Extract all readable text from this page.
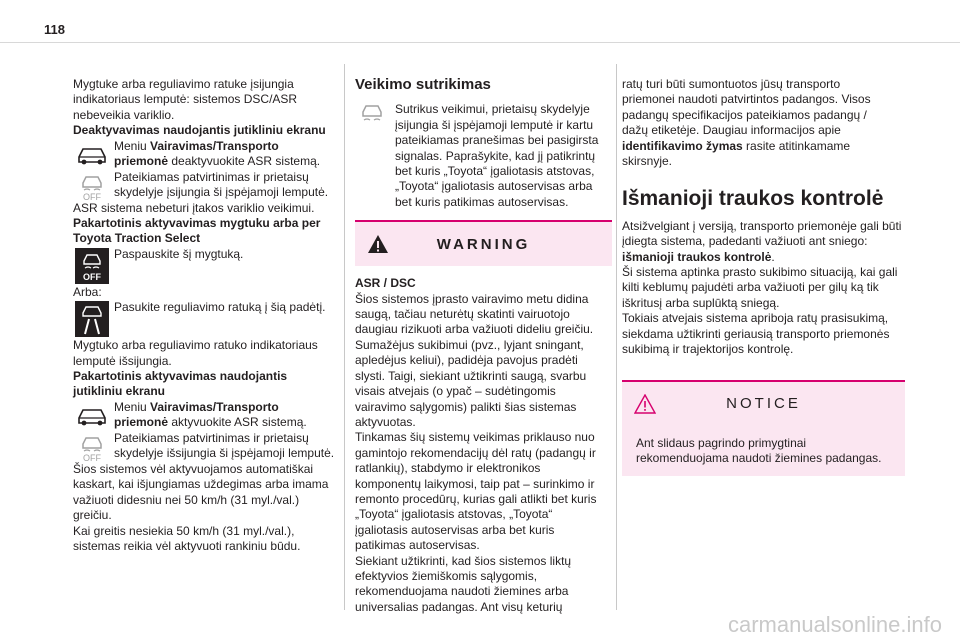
118

Mygtuke arba reguliavimo ratuke įsijungia indikatoriaus lemputė: sistemos DSC/ASR nebeveikia variklio.

Deaktyvavimas naudojantis jutikliniu ekranu

Meniu Vairavimas/Transporto priemonė deaktyvuokite ASR sistemą.
OFF
Pateikiamas patvirtinimas ir prietaisų skydelyje įsijungia ši įspėjamoji lemputė.

ASR sistema nebeturi įtakos variklio veikimui.

Pakartotinis aktyvavimas mygtuku arba per Toyota Traction Select

OFF
Paspauskite šį mygtuką.

Arba:

Pasukite reguliavimo ratuką į šią padėtį.

Mygtuko arba reguliavimo ratuko indikatoriaus lemputė išsijungia.

Pakartotinis aktyvavimas naudojantis jutikliniu ekranu

Meniu Vairavimas/Transporto priemonė aktyvuokite ASR sistemą.
OFF
Pateikiamas patvirtinimas ir prietaisų skydelyje išsijungia ši įspėjamoji lemputė.

Šios sistemos vėl aktyvuojamos automatiškai kaskart, kai išjungiamas uždegimas arba imama važiuoti didesniu nei 50 km/h (31 myl./val.) greičiu.

Kai greitis nesiekia 50 km/h (31 myl./val.), sistemas reikia vėl aktyvuoti rankiniu būdu.

Veikimo sutrikimas
Sutrikus veikimui, prietaisų skydelyje įsijungia ši įspėjamoji lemputė ir kartu pateikiamas pranešimas bei pasigirsta signalas. Paprašykite, kad jį patikrintų bet kuris „Toyota“ įgaliotasis atstovas, „Toyota“ įgaliotasis autoservisas arba bet kuris patikimas autoservisas.
WARNING

ASR / DSC

Šios sistemos įprasto vairavimo metu didina saugą, tačiau neturėtų skatinti vairuotojo daugiau rizikuoti arba važiuoti dideliu greičiu.

Sumažėjus sukibimui (pvz., lyjant sningant, apledėjus keliui), padidėja pavojus pradėti slysti. Taigi, siekiant užtikrinti saugą, svarbu visais atvejais (o ypač – sudėtingomis vairavimo sąlygomis) palikti šias sistemas aktyvuotas.

Tinkamas šių sistemų veikimas priklauso nuo gamintojo rekomendacijų dėl ratų (padangų ir ratlankių), stabdymo ir elektronikos komponentų laikymosi, taip pat – surinkimo ir remonto procedūrų, kurias gali atlikti bet kuris „Toyota“ įgaliotasis atstovas, „Toyota“ įgaliotasis autoservisas arba bet kuris patikimas autoservisas.

Siekiant užtikrinti, kad šios sistemos liktų efektyvios žiemiškomis sąlygomis, rekomenduojama naudoti žiemines arba universalias padangas. Ant visų keturių

ratų turi būti sumontuotos jūsų transporto priemonei naudoti patvirtintos padangos. Visos padangų specifikacijos pateikiamos padangų / dažų etiketėje. Daugiau informacijos apie identifikavimo žymas rasite atitinkamame skirsnyje.
Išmanioji traukos kontrolė

Atsižvelgiant į versiją, transporto priemonėje gali būti įdiegta sistema, padedanti važiuoti ant sniego: išmanioji traukos kontrolė.

Ši sistema aptinka prasto sukibimo situaciją, kai gali kilti keblumų pajudėti arba važiuoti per gilų ką tik iškritusį arba suplūktą sniegą.

Tokiais atvejais sistema apriboja ratų prasisukimą, siekdama užtikrinti geriausią transporto priemonės sukibimą ir trajektorijos kontrolę.

NOTICE

Ant slidaus pagrindo primygtinai rekomenduojama naudoti žiemines padangas.

carmanualsonline.info
